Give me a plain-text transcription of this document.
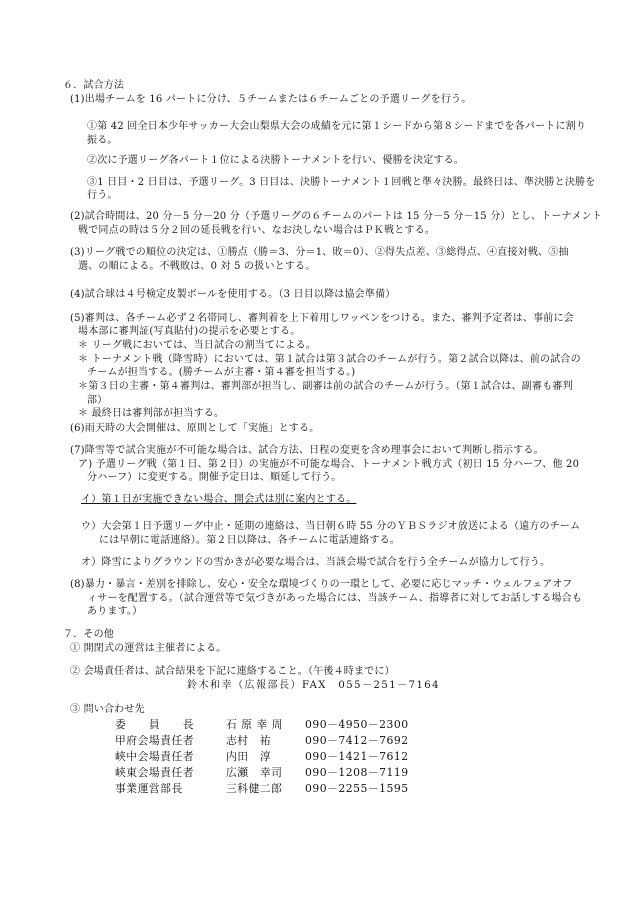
６．試合方法
(1)出場チームを 16 パートに分け、５チームまたは６チームごとの予選リーグを行う。
①第 42 回全日本少年サッカー大会山梨県大会の成績を元に第１シードから第８シードまでを各パートに割り
振る。
②次に予選リーグ各パート１位による決勝トーナメントを行い、優勝を決定する。
③1 日目・2 日目は、予選リーグ。3 日目は、決勝トーナメント１回戦と準々決勝。最終日は、準決勝と決勝を
行う。
(2)試合時間は、20 分－5 分－20 分（予選リーグの６チームのパートは 15 分－5 分－15 分）とし、トーナメント
戦で同点の時は５分２回の延長戦を行い、なお決しない場合はＰＫ戦とする。
(3)リーグ戦での順位の決定は、①勝点（勝＝3、分＝1、敗＝0）、②得失点差、③総得点、④直接対戦、⑤抽
選、の順による。不戦敗は、0 対 5 の扱いとする。
(4)試合球は４号検定皮製ボールを使用する。（3 日目以降は協会準備）
(5)審判は、各チーム必ず２名帯同し、審判着を上下着用しワッペンをつける。また、審判予定者は、事前に会
場本部に審判証(写真貼付)の提示を必要とする。
＊ リーグ戦においては、当日試合の割当てによる。
＊ トーナメント戦（降雪時）においては、第１試合は第３試合のチームが行う。第２試合以降は、前の試合の
チームが担当する。(勝チームが主審・第４審を担当する。)
＊第３日の主審・第４審判は、審判部が担当し、副審は前の試合のチームが行う。（第１試合は、副審も審判
部）
＊ 最終日は審判部が担当する。
(6)雨天時の大会開催は、原則として「実施」とする。
(7)降雪等で試合実施が不可能な場合は、試合方法、日程の変更を含め理事会において判断し指示する。
ア) 予選リーグ戦（第１日、第２日）の実施が不可能な場合、トーナメント戦方式（初日 15 分ハーフ、他 20
分ハーフ）に変更する。開催予定日は、順延して行う。
イ）第１日が実施できない場合、開会式は別に案内とする。
ウ）大会第１日予選リーグ中止・延期の連絡は、当日朝６時 55 分のＹＢＳラジオ放送による（遠方のチーム
には早朝に電話連絡）。第２日以降は、各チームに電話連絡する。
オ）降雪によりグラウンドの雪かきが必要な場合は、当該会場で試合を行う全チームが協力して行う。
(8)暴力・暴言・差別を排除し、安心・安全な環境づくりの一環として、必要に応じマッチ・ウェルフェアオフ
ィサーを配置する。（試合運営等で気づきがあった場合には、当該チーム、指導者に対してお話しする場合も
あります。）
７．その他
① 開閉式の運営は主催者による。
② 会場責任者は、試合結果を下記に連絡すること。（午後４時までに）
鈴木和幸（広報部長）FAX　055－251－7164
③ 問い合わせ先
委　　員　　長	石 原 幸 周 090－4950－2300
甲府会場責任者	志村　祐	090－7412－7692
峡中会場責任者	内田　淳	090－1421－7612
峡東会場責任者	広瀬　幸司 090－1208－7119
事業運営部長	三科健二郎 090－2255－1595
